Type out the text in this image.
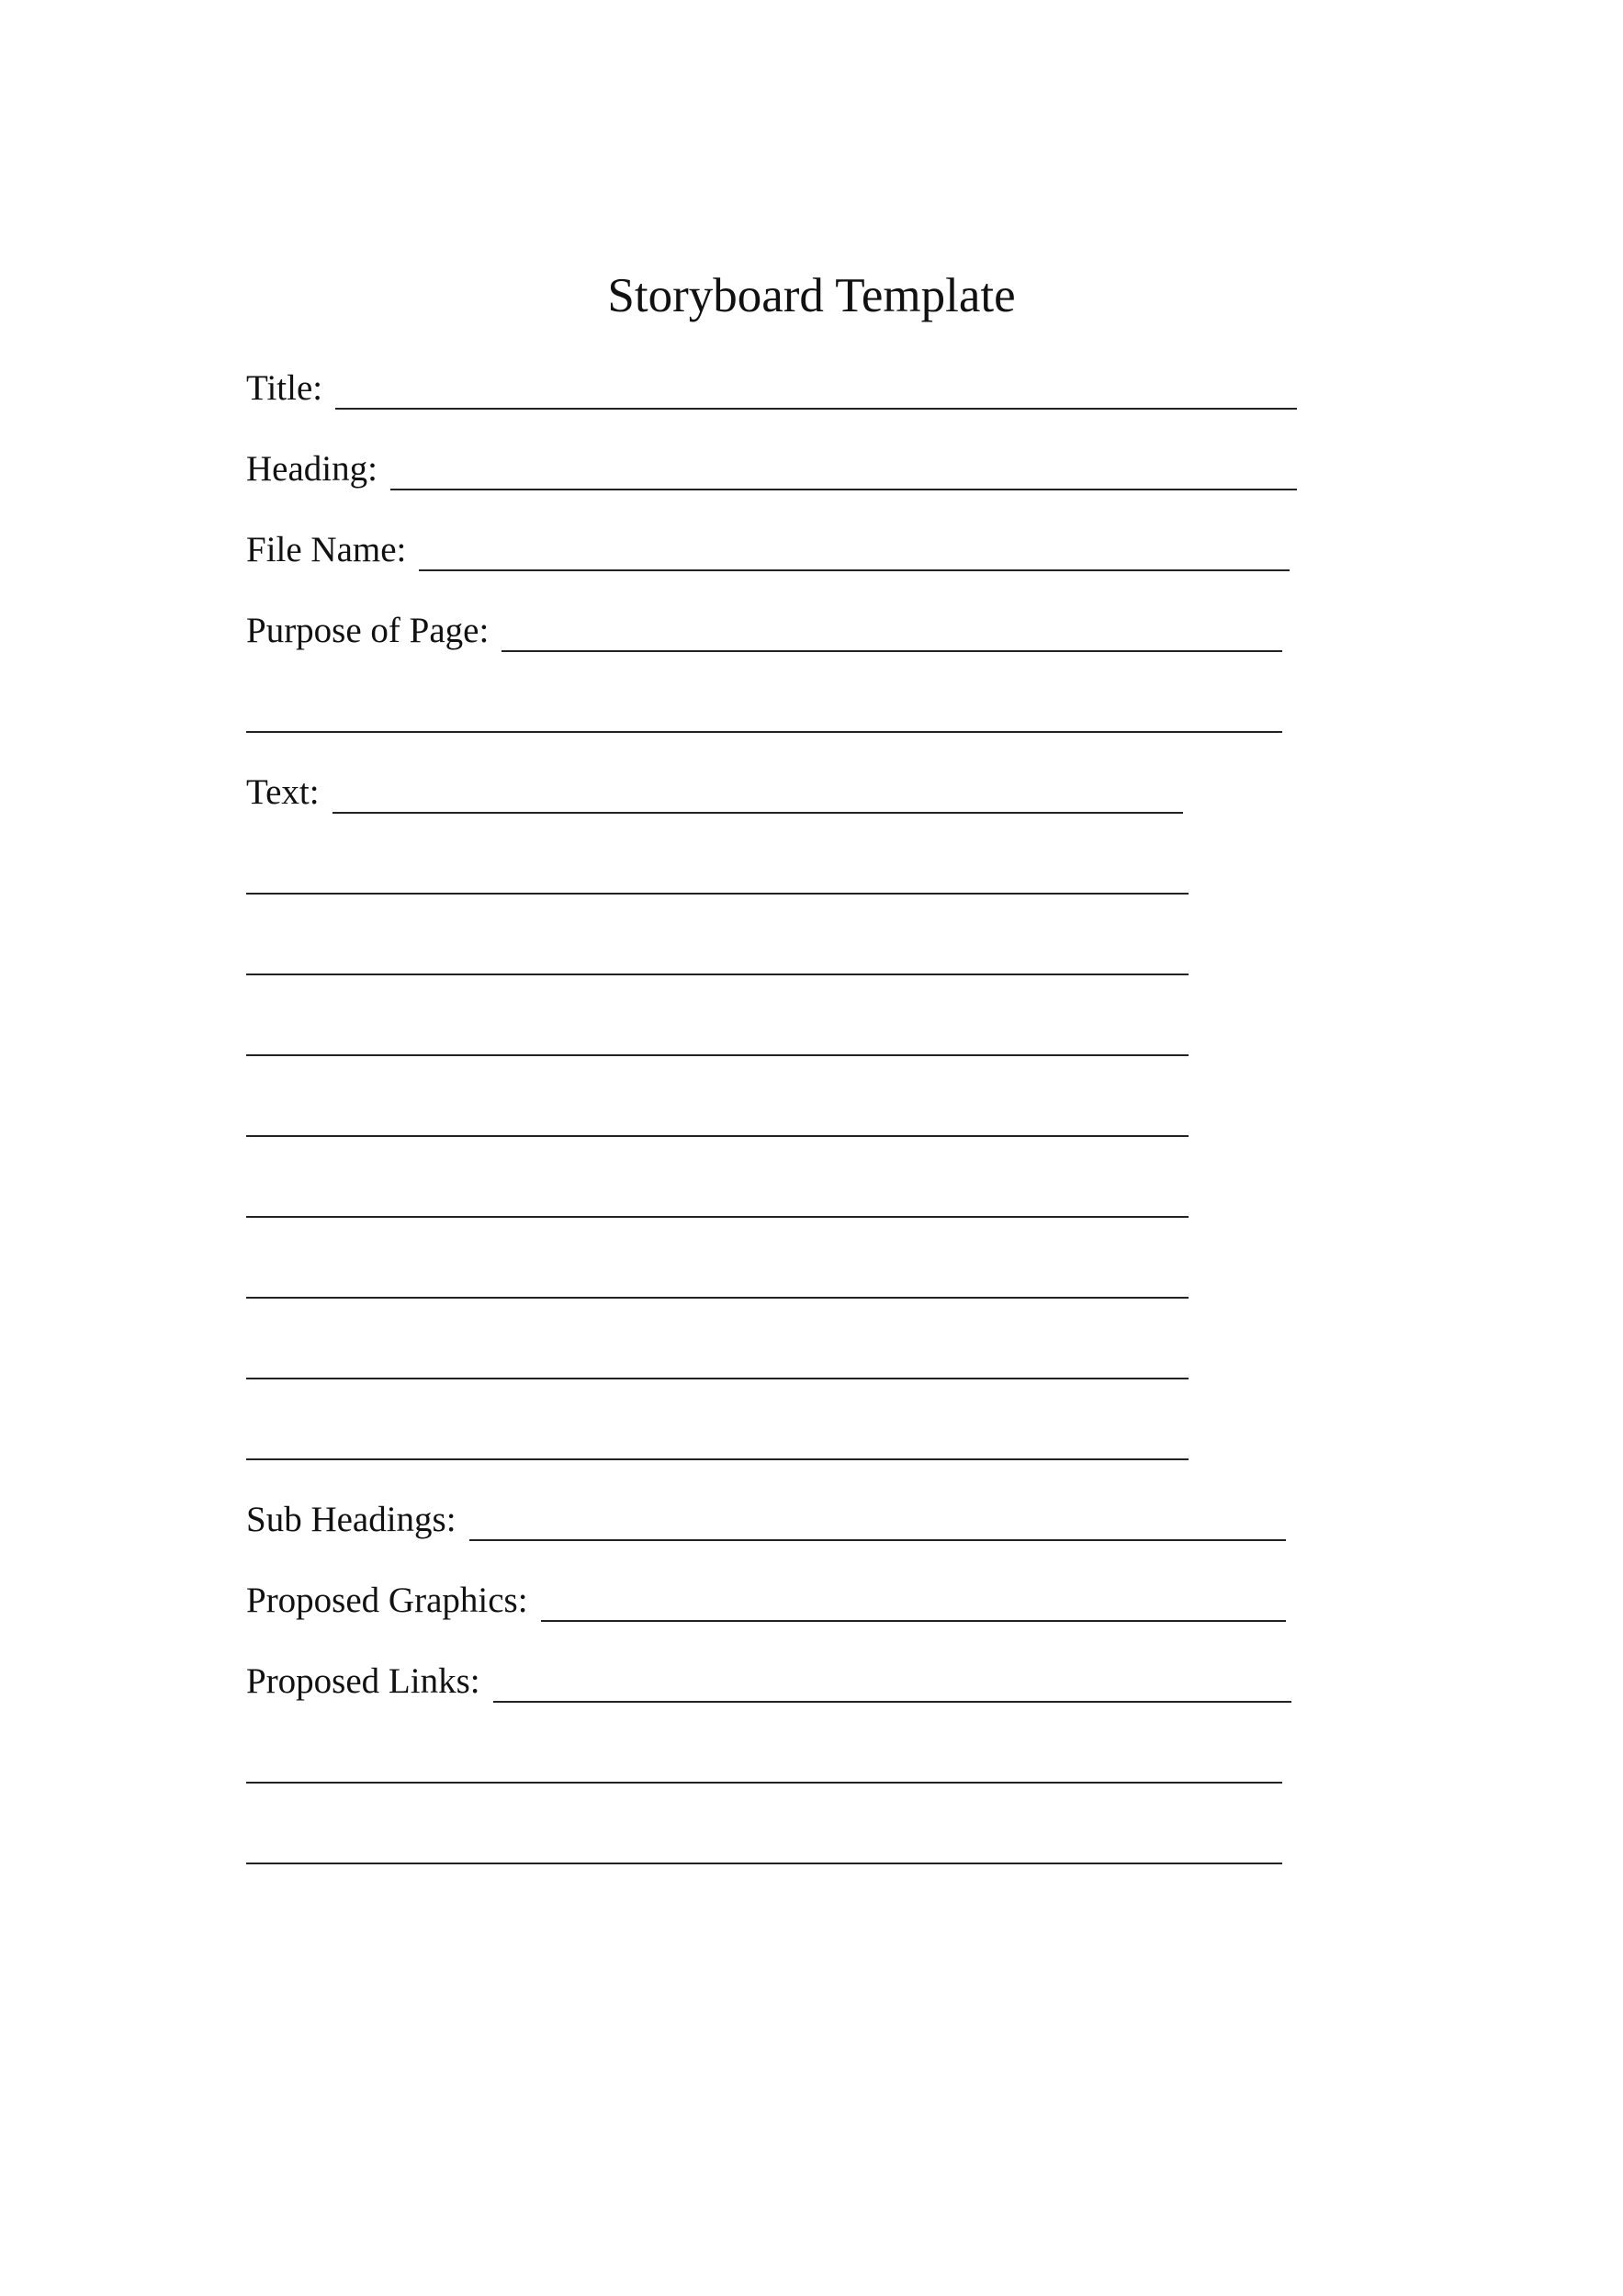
Storyboard Template
Title:
Heading:
File Name:
Purpose of Page:
Text:
Sub Headings:
Proposed Graphics:
Proposed Links:
